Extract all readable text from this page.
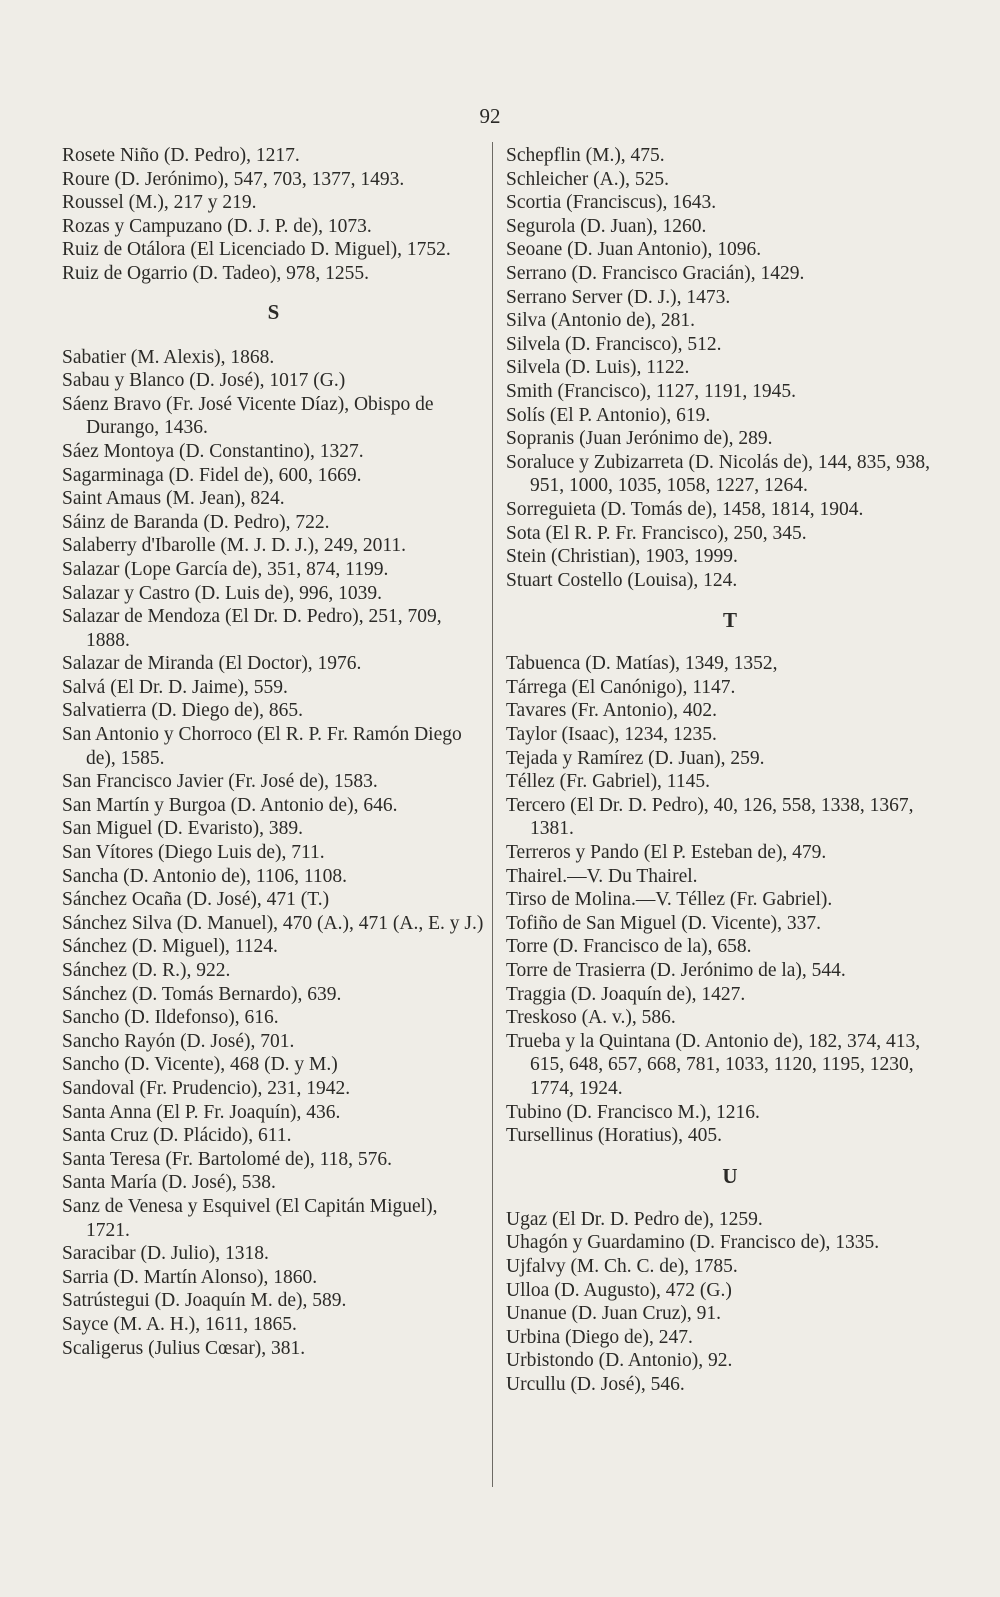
92
Rosete Niño (D. Pedro), 1217.
Roure (D. Jerónimo), 547, 703, 1377, 1493.
Roussel (M.), 217 y 219.
Rozas y Campuzano (D. J. P. de), 1073.
Ruiz de Otálora (El Licenciado D. Miguel), 1752.
Ruiz de Ogarrio (D. Tadeo), 978, 1255.
S
Sabatier (M. Alexis), 1868.
Sabau y Blanco (D. José), 1017 (G.)
Sáenz Bravo (Fr. José Vicente Díaz), Obispo de Durango, 1436.
Sáez Montoya (D. Constantino), 1327.
Sagarminaga (D. Fidel de), 600, 1669.
Saint Amaus (M. Jean), 824.
Sáinz de Baranda (D. Pedro), 722.
Salaberry d'Ibarolle (M. J. D. J.), 249, 2011.
Salazar (Lope García de), 351, 874, 1199.
Salazar y Castro (D. Luis de), 996, 1039.
Salazar de Mendoza (El Dr. D. Pedro), 251, 709, 1888.
Salazar de Miranda (El Doctor), 1976.
Salvá (El Dr. D. Jaime), 559.
Salvatierra (D. Diego de), 865.
San Antonio y Chorroco (El R. P. Fr. Ramón Diego de), 1585.
San Francisco Javier (Fr. José de), 1583.
San Martín y Burgoa (D. Antonio de), 646.
San Miguel (D. Evaristo), 389.
San Vítores (Diego Luis de), 711.
Sancha (D. Antonio de), 1106, 1108.
Sánchez Ocaña (D. José), 471 (T.)
Sánchez Silva (D. Manuel), 470 (A.), 471 (A., E. y J.)
Sánchez (D. Miguel), 1124.
Sánchez (D. R.), 922.
Sánchez (D. Tomás Bernardo), 639.
Sancho (D. Ildefonso), 616.
Sancho Rayón (D. José), 701.
Sancho (D. Vicente), 468 (D. y M.)
Sandoval (Fr. Prudencio), 231, 1942.
Santa Anna (El P. Fr. Joaquín), 436.
Santa Cruz (D. Plácido), 611.
Santa Teresa (Fr. Bartolomé de), 118, 576.
Santa María (D. José), 538.
Sanz de Venesa y Esquivel (El Capitán Miguel), 1721.
Saracibar (D. Julio), 1318.
Sarria (D. Martín Alonso), 1860.
Satrústegui (D. Joaquín M. de), 589.
Sayce (M. A. H.), 1611, 1865.
Scaligerus (Julius Cœsar), 381.
Schepflin (M.), 475.
Schleicher (A.), 525.
Scortia (Franciscus), 1643.
Segurola (D. Juan), 1260.
Seoane (D. Juan Antonio), 1096.
Serrano (D. Francisco Gracián), 1429.
Serrano Server (D. J.), 1473.
Silva (Antonio de), 281.
Silvela (D. Francisco), 512.
Silvela (D. Luis), 1122.
Smith (Francisco), 1127, 1191, 1945.
Solís (El P. Antonio), 619.
Sopranis (Juan Jerónimo de), 289.
Soraluce y Zubizarreta (D. Nicolás de), 144, 835, 938, 951, 1000, 1035, 1058, 1227, 1264.
Sorreguieta (D. Tomás de), 1458, 1814, 1904.
Sota (El R. P. Fr. Francisco), 250, 345.
Stein (Christian), 1903, 1999.
Stuart Costello (Louisa), 124.
T
Tabuenca (D. Matías), 1349, 1352,
Tárrega (El Canónigo), 1147.
Tavares (Fr. Antonio), 402.
Taylor (Isaac), 1234, 1235.
Tejada y Ramírez (D. Juan), 259.
Téllez (Fr. Gabriel), 1145.
Tercero (El Dr. D. Pedro), 40, 126, 558, 1338, 1367, 1381.
Terreros y Pando (El P. Esteban de), 479.
Thairel.—V. Du Thairel.
Tirso de Molina.—V. Téllez (Fr. Gabriel).
Tofiño de San Miguel (D. Vicente), 337.
Torre (D. Francisco de la), 658.
Torre de Trasierra (D. Jerónimo de la), 544.
Traggia (D. Joaquín de), 1427.
Treskoso (A. v.), 586.
Trueba y la Quintana (D. Antonio de), 182, 374, 413, 615, 648, 657, 668, 781, 1033, 1120, 1195, 1230, 1774, 1924.
Tubino (D. Francisco M.), 1216.
Tursellinus (Horatius), 405.
U
Ugaz (El Dr. D. Pedro de), 1259.
Uhagón y Guardamino (D. Francisco de), 1335.
Ujfalvy (M. Ch. C. de), 1785.
Ulloa (D. Augusto), 472 (G.)
Unanue (D. Juan Cruz), 91.
Urbina (Diego de), 247.
Urbistondo (D. Antonio), 92.
Urcullu (D. José), 546.
